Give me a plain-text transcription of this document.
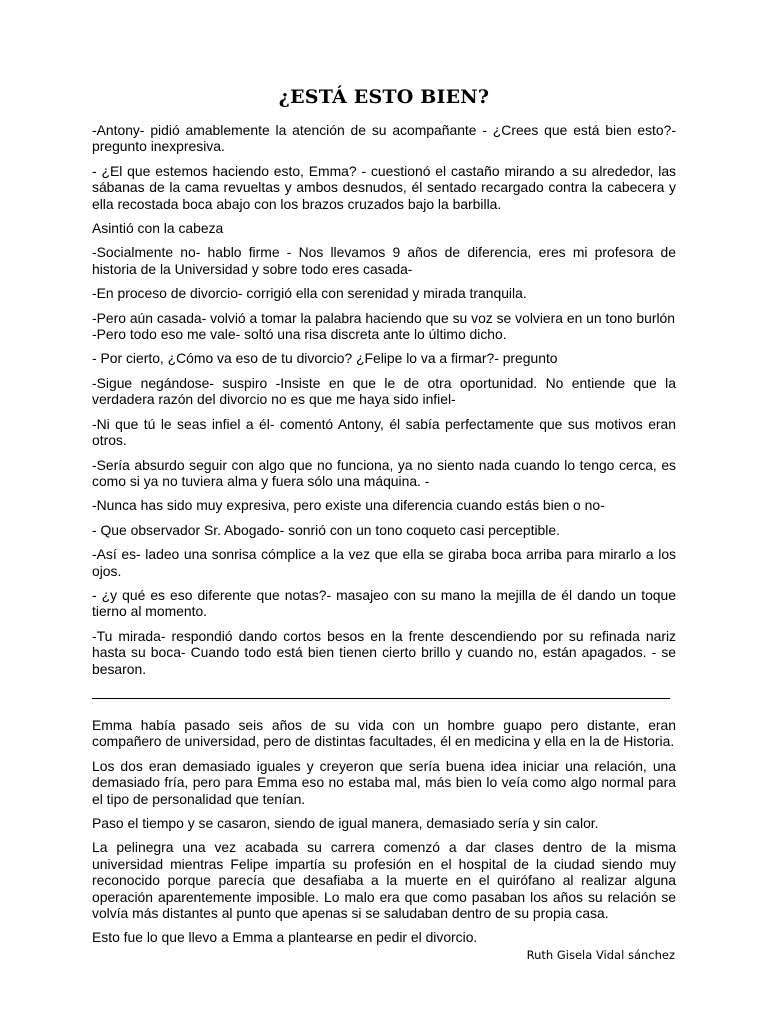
¿ESTÁ ESTO BIEN?

-Antony- pidió amablemente la atención de su acompañante - ¿Crees que está bien esto?- pregunto inexpresiva.

- ¿El que estemos haciendo esto, Emma? - cuestionó el castaño mirando a su alrededor, las sábanas de la cama revueltas y ambos desnudos, él sentado recargado contra la cabecera y ella recostada boca abajo con los brazos cruzados bajo la barbilla.

Asintió con la cabeza

-Socialmente no- hablo firme - Nos llevamos 9 años de diferencia, eres mi profesora de historia de la Universidad y sobre todo eres casada-

-En proceso de divorcio- corrigió ella con serenidad y mirada tranquila.

-Pero aún casada- volvió a tomar la palabra haciendo que su voz se volviera en un tono burlón -Pero todo eso me vale- soltó una risa discreta ante lo último dicho.

- Por cierto, ¿Cómo va eso de tu divorcio? ¿Felipe lo va a firmar?- pregunto

-Sigue negándose- suspiro -Insiste en que le de otra oportunidad. No entiende que la verdadera razón del divorcio no es que me haya sido infiel-

-Ni que tú le seas infiel a él- comentó Antony, él sabía perfectamente que sus motivos eran otros.

-Sería absurdo seguir con algo que no funciona, ya no siento nada cuando lo tengo cerca, es como si ya no tuviera alma y fuera sólo una máquina. -

-Nunca has sido muy expresiva, pero existe una diferencia cuando estás bien o no-

- Que observador Sr. Abogado- sonrió con un tono coqueto casi perceptible.

-Así es- ladeo una sonrisa cómplice a la vez que ella se giraba boca arriba para mirarlo a los ojos.

- ¿y qué es eso diferente que notas?- masajeo con su mano la mejilla de él dando un toque tierno al momento.

-Tu mirada- respondió dando cortos besos en la frente descendiendo por su refinada nariz hasta su boca- Cuando todo está bien tienen cierto brillo y cuando no, están apagados. - se besaron.

Emma había pasado seis años de su vida con un hombre guapo pero distante, eran compañero de universidad, pero de distintas facultades, él en medicina y ella en la de Historia.

Los dos eran demasiado iguales y creyeron que sería buena idea iniciar una relación, una demasiado fría, pero para Emma eso no estaba mal, más bien lo veía como algo normal para el tipo de personalidad que tenían.

Paso el tiempo y se casaron, siendo de igual manera, demasiado sería y sin calor.

La pelinegra una vez acabada su carrera comenzó a dar clases dentro de la misma universidad mientras Felipe impartía su profesión en el hospital de la ciudad siendo muy reconocido porque parecía que desafiaba a la muerte en el quirófano al realizar alguna operación aparentemente imposible. Lo malo era que como pasaban los años su relación se volvía más distantes al punto que apenas si se saludaban dentro de su propia casa.

Esto fue lo que llevo a Emma a plantearse en pedir el divorcio.

Ruth Gisela Vidal sánchez
